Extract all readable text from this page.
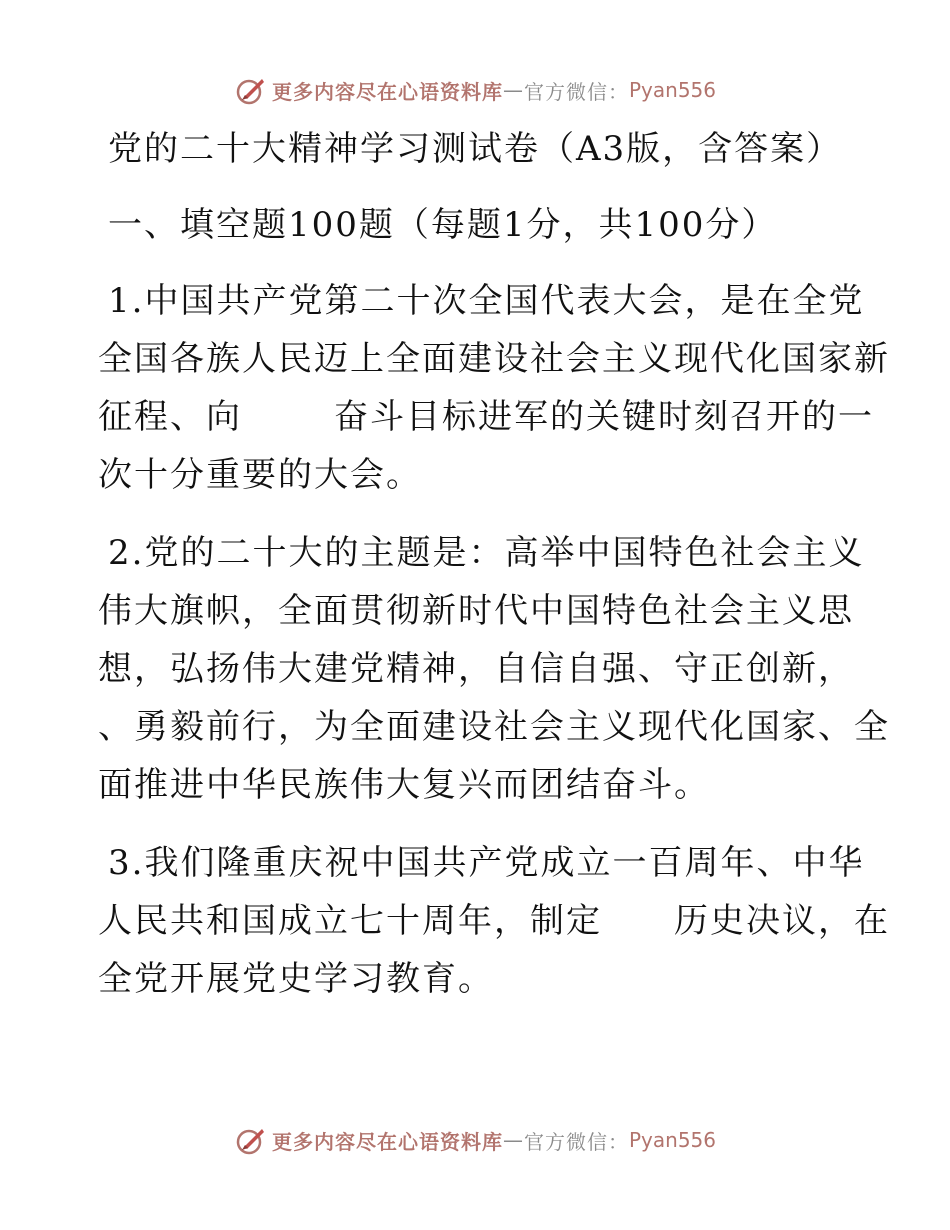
更多内容尽在心语资料库 — 官方微信： Pyan556
党的二十大精神学习测试卷（A3版，含答案）
一、填空题100题（每题1分，共100分）

1.中国共产党第二十次全国代表大会，是在全党
全国各族人民迈上全面建设社会主义现代化国家新
征程、向	奋斗目标进军的关键时刻召开的一
次十分重要的大会。

2.党的二十大的主题是：高举中国特色社会主义
伟大旗帜，全面贯彻新时代中国特色社会主义思
想，弘扬伟大建党精神，自信自强、守正创新，
、勇毅前行，为全面建设社会主义现代化国家、全
面推进中华民族伟大复兴而团结奋斗。

3.我们隆重庆祝中国共产党成立一百周年、中华
人民共和国成立七十周年，制定 历史决议，在
全党开展党史学习教育。

更多内容尽在心语资料库 — 官方微信： Pyan556
